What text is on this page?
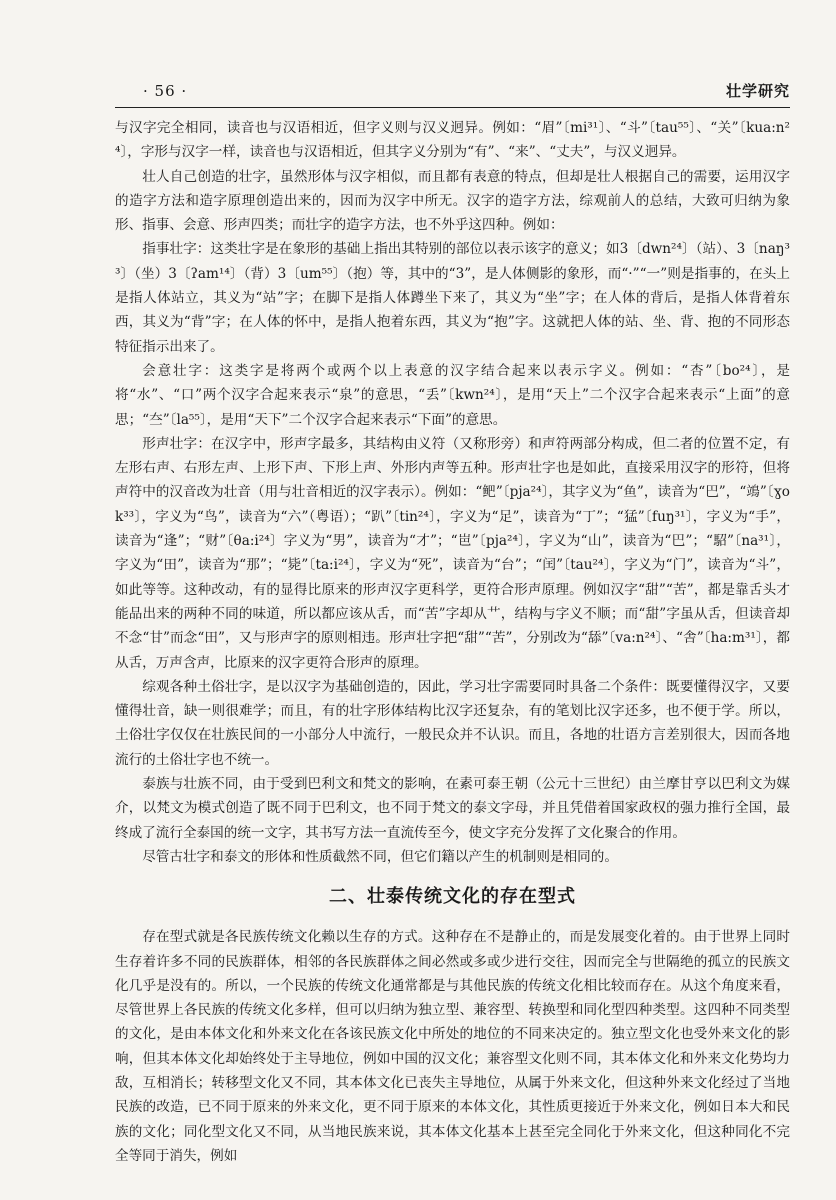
· 56 ·	壮学研究

与汉字完全相同，读音也与汉语相近，但字义则与汉义迥异。例如：“眉”〔mi³¹〕、“斗”〔tau⁵⁵〕、“关”〔kua:n²⁴〕，字形与汉字一样，读音也与汉语相近，但其字义分别为“有”、“来”、“丈夫”，与汉义迥异。

壮人自己创造的壮字，虽然形体与汉字相似，而且都有表意的特点，但却是壮人根据自己的需要，运用汉字的造字方法和造字原理创造出来的，因而为汉字中所无。汉字的造字方法，综观前人的总结，大致可归纳为象形、指事、会意、形声四类；而壮字的造字方法，也不外乎这四种。例如：

指事壮字：这类壮字是在象形的基础上指出其特别的部位以表示该字的意义；如3〔dwn²⁴〕（站）、3〔naŋ³³〕（坐）3〔ʔam¹⁴〕（背）3〔um⁵⁵〕（抱）等，其中的“3”，是人体侧影的象形，而“·”“一”则是指事的，在头上是指人体站立，其义为“站”字；在脚下是指人体蹲坐下来了，其义为“坐”字；在人体的背后，是指人体背着东西，其义为“背”字；在人体的怀中，是指人抱着东西，其义为“抱”字。这就把人体的站、坐、背、抱的不同形态特征指示出来了。

会意壮字：这类字是将两个或两个以上表意的汉字结合起来以表示字义。例如：“杏”〔bo²⁴〕，是将“水”、“口”两个汉字合起来表示“泉”的意思，“丢”〔kwn²⁴〕，是用“天上”二个汉字合起来表示“上面”的意思；“夳”〔la⁵⁵〕，是用“天下”二个汉字合起来表示“下面”的意思。

形声壮字：在汉字中，形声字最多，其结构由义符（又称形旁）和声符两部分构成，但二者的位置不定，有左形右声、右形左声、上形下声、下形上声、外形内声等五种。形声壮字也是如此，直接采用汉字的形符，但将声符中的汉音改为壮音（用与壮音相近的汉字表示）。例如：“鲃”〔pja²⁴〕，其字义为“鱼”，读音为“巴”，“鴗”〔ɣok³³〕，字义为“鸟”，读音为“六”（粤语）；“趴”〔tin²⁴〕，字义为“足”，读音为“丁”；“猛”〔fuŋ³¹〕，字义为“手”，读音为“逢”；“财”〔θa:i²⁴〕字义为“男”，读音为“才”；“岜”〔pja²⁴〕，字义为“山”，读音为“巴”；“駋”〔na³¹〕，字义为“田”，读音为“那”；“毙”〔ta:i²⁴〕，字义为“死”，读音为“台”；“闰”〔tau²⁴〕，字义为“门”，读音为“斗”，如此等等。这种改动，有的显得比原来的形声汉字更科学，更符合形声原理。例如汉字“甜”“苦”，都是靠舌头才能品出来的两种不同的味道，所以都应该从舌，而“苦”字却从艹，结构与字义不顺；而“甜”字虽从舌，但读音却不念“甘”而念“田”，又与形声字的原则相违。形声壮字把“甜”“苦”，分别改为“舔”〔va:n²⁴〕、“舎”〔ha:m³¹〕，都从舌，万声含声，比原来的汉字更符合形声的原理。

综观各种土俗壮字，是以汉字为基础创造的，因此，学习壮字需要同时具备二个条件：既要懂得汉字，又要懂得壮音，缺一则很难学；而且，有的壮字形体结构比汉字还复杂，有的笔划比汉字还多，也不便于学。所以，土俗壮字仅仅在壮族民间的一小部分人中流行，一般民众并不认识。而且，各地的壮语方言差别很大，因而各地流行的土俗壮字也不统一。

泰族与壮族不同，由于受到巴利文和梵文的影响，在素可泰王朝（公元十三世纪）由兰摩甘亨以巴利文为媒介，以梵文为模式创造了既不同于巴利文，也不同于梵文的泰文字母，并且凭借着国家政权的强力推行全国，最终成了流行全泰国的统一文字，其书写方法一直流传至今，使文字充分发挥了文化聚合的作用。

尽管古壮字和泰文的形体和性质截然不同，但它们籍以产生的机制则是相同的。

二、壮泰传统文化的存在型式

存在型式就是各民族传统文化赖以生存的方式。这种存在不是静止的，而是发展变化着的。由于世界上同时生存着许多不同的民族群体，相邻的各民族群体之间必然或多或少进行交往，因而完全与世隔绝的孤立的民族文化几乎是没有的。所以，一个民族的传统文化通常都是与其他民族的传统文化相比较而存在。从这个角度来看，尽管世界上各民族的传统文化多样，但可以归纳为独立型、兼容型、转换型和同化型四种类型。这四种不同类型的文化，是由本体文化和外来文化在各该民族文化中所处的地位的不同来决定的。独立型文化也受外来文化的影响，但其本体文化却始终处于主导地位，例如中国的汉文化；兼容型文化则不同，其本体文化和外来文化势均力敌，互相消长；转移型文化又不同，其本体文化已丧失主导地位，从属于外来文化，但这种外来文化经过了当地民族的改造，已不同于原来的外来文化，更不同于原来的本体文化，其性质更接近于外来文化，例如日本大和民族的文化；同化型文化又不同，从当地民族来说，其本体文化基本上甚至完全同化于外来文化，但这种同化不完全等同于消失，例如
